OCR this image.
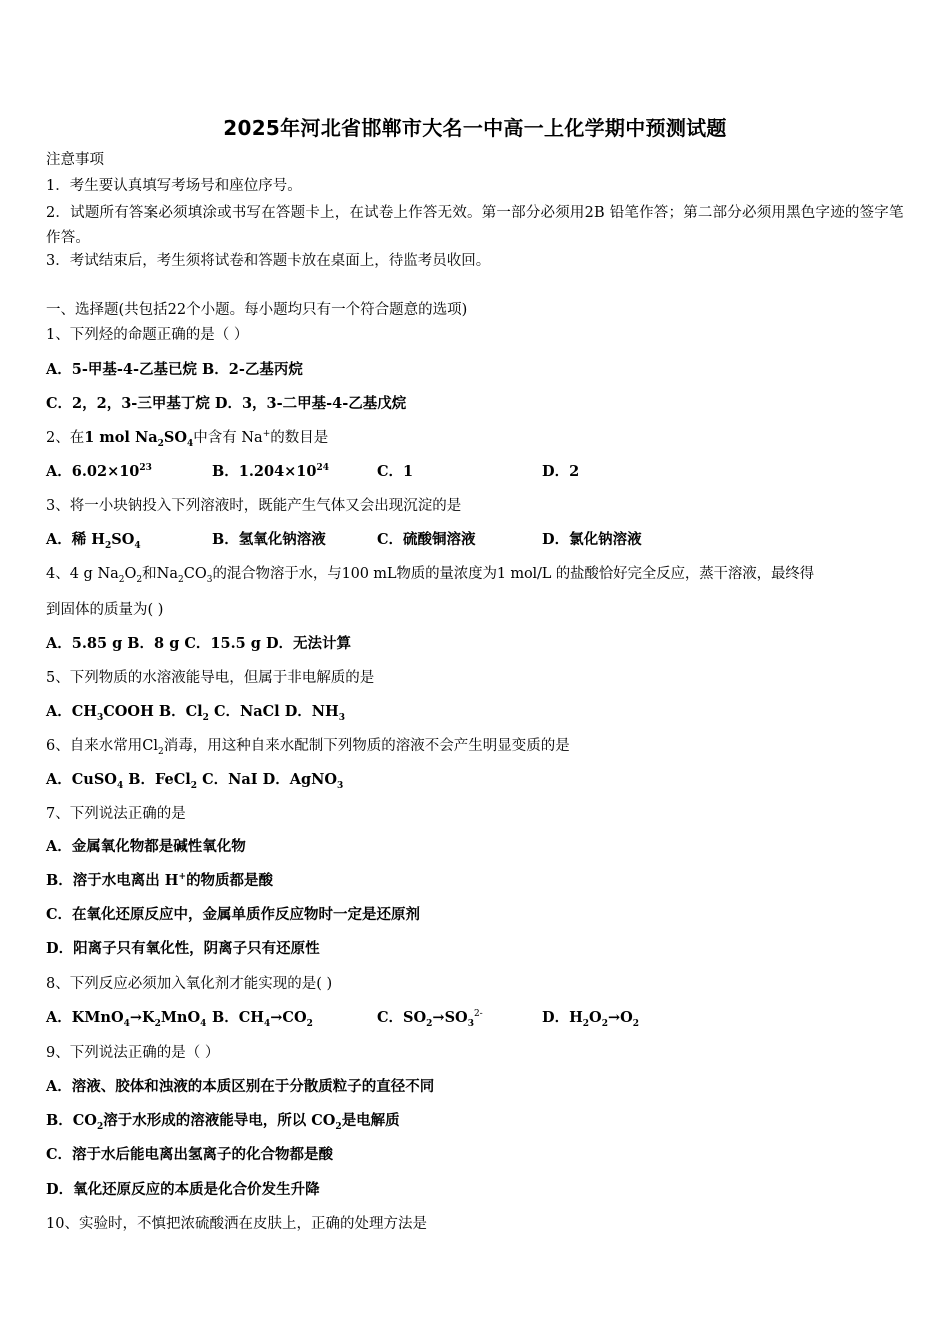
2025年河北省邯郸市大名一中高一上化学期中预测试题
注意事项
1．考生要认真填写考场号和座位序号。
2．试题所有答案必须填涂或书写在答题卡上，在试卷上作答无效。第一部分必须用2B 铅笔作答；第二部分必须用黑色字迹的签字笔作答。
3．考试结束后，考生须将试卷和答题卡放在桌面上，待监考员收回。
一、选择题(共包括22个小题。每小题均只有一个符合题意的选项)
1、下列烃的命题正确的是（ ）
A．5-甲基-4-乙基已烷 B．2-乙基丙烷
C．2，2，3-三甲基丁烷 D．3，3-二甲基-4-乙基戊烷
2、在1 mol $Na_2SO_4$中含有 Na+的数目是
A．$6.02\times 10^{23}$	B．$1.204\times 10^{24}$	C．1	D．2
3、将一小块钠投入下列溶液时，既能产生气体又会出现沉淀的是
A．稀 $H_2SO_4$	B．氢氧化钠溶液	C．硫酸铜溶液	D．氯化钠溶液
4、4 g $Na_2O_2$和$Na_2CO_3$的混合物溶于水，与100 mL物质的量浓度为1 mol/L 的盐酸恰好完全反应，蒸干溶液，最终得
到固体的质量为( )
A．5.85 g B．8 g C．15.5 g D．无法计算
5、下列物质的水溶液能导电，但属于非电解质的是
A．$CH_3COOH$ B．$Cl_2$ C．NaCl D．$NH_3$
6、自来水常用$Cl_2$消毒，用这种自来水配制下列物质的溶液不会产生明显变质的是
A．CuSO$_4$ B．FeCl$_2$ C．NaI D．AgNO$_3$
7、下列说法正确的是
A．金属氧化物都是碱性氧化物
B．溶于水电离出 H+的物质都是酸
C．在氧化还原反应中，金属单质作反应物时一定是还原剂
D．阳离子只有氧化性，阴离子只有还原性
8、下列反应必须加入氧化剂才能实现的是( )
A．$KMnO_4\to K_2MnO_4$ B．$CH_4\to CO_2$	C．$SO_2\to SO_3^{2-}$	D．$H_2O_2\to O_2$
9、下列说法正确的是（ ）
A．溶液、胶体和浊液的本质区别在于分散质粒子的直径不同
B．$CO_2$溶于水形成的溶液能导电，所以 $CO_2$是电解质
C．溶于水后能电离出氢离子的化合物都是酸
D．氧化还原反应的本质是化合价发生升降
10、实验时，不慎把浓硫酸洒在皮肤上，正确的处理方法是
